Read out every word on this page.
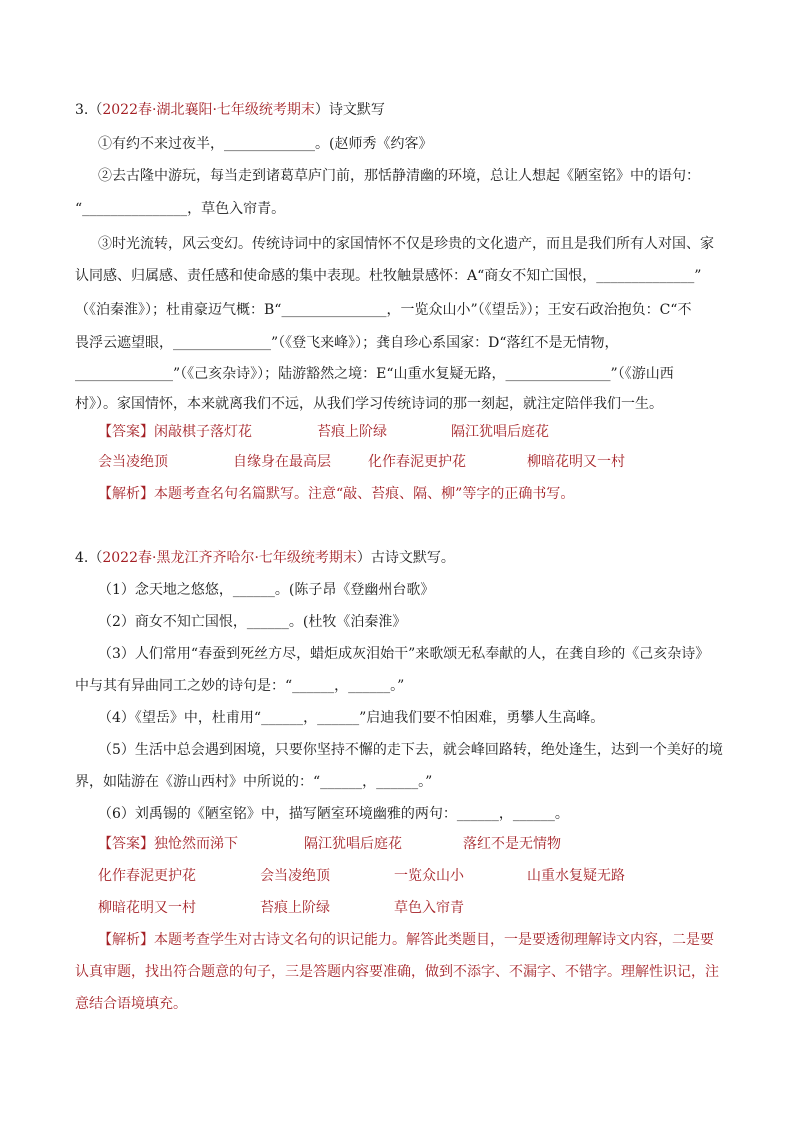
3.（2022春·湖北襄阳·七年级统考期末）诗文默写
①有约不来过夜半，_____________。(赵师秀《约客》
②去古隆中游玩，每当走到诸葛草庐门前，那恬静清幽的环境，总让人想起《陋室铭》中的语句：
“_______________，草色入帘青。
③时光流转，风云变幻。传统诗词中的家国情怀不仅是珍贵的文化遗产，而且是我们所有人对国、家
认同感、归属感、责任感和使命感的集中表现。杜牧触景感怀：A“商女不知亡国恨，______________”
（《泊秦淮》）；杜甫豪迈气概：B“_______________，一览众山小”（《望岳》）；王安石政治抱负：C“不
畏浮云遮望眼，______________”（《登飞来峰》）；龚自珍心系国家：D“落红不是无情物，
______________”（《己亥杂诗》）；陆游豁然之境：E“山重水复疑无路，_______________”（《游山西
村》）。家国情怀，本来就离我们不远，从我们学习传统诗词的那一刻起，就注定陪伴我们一生。
【答案】闲敲棋子落灯花	苔痕上阶绿	隔江犹唱后庭花
会当凌绝顶	自缘身在最高层	化作春泥更护花	柳暗花明又一村
【解析】本题考查名句名篇默写。注意“敲、苔痕、隔、柳”等字的正确书写。
4.（2022春·黑龙江齐齐哈尔·七年级统考期末）古诗文默写。
（1）念天地之悠悠，______。(陈子昂《登幽州台歌》
（2）商女不知亡国恨，______。(杜牧《泊秦淮》
（3）人们常用“春蚕到死丝方尽，蜡炬成灰泪始干”来歌颂无私奉献的人，在龚自珍的《己亥杂诗》
中与其有异曲同工之妙的诗句是：“______，______。”
（4）《望岳》中，杜甫用“______，______”启迪我们要不怕困难，勇攀人生高峰。
（5）生活中总会遇到困境，只要你坚持不懈的走下去，就会峰回路转，绝处逢生，达到一个美好的境
界，如陆游在《游山西村》中所说的：“______，______。”
（6）刘禹锡的《陋室铭》中，描写陋室环境幽雅的两句：______，______。
【答案】独怆然而涕下	隔江犹唱后庭花	落红不是无情物
化作春泥更护花	会当凌绝顶	一览众山小	山重水复疑无路
柳暗花明又一村	苔痕上阶绿	草色入帘青
【解析】本题考查学生对古诗文名句的识记能力。解答此类题目，一是要透彻理解诗文内容，二是要
认真审题，找出符合题意的句子，三是答题内容要准确，做到不添字、不漏字、不错字。理解性识记，注
意结合语境填充。
